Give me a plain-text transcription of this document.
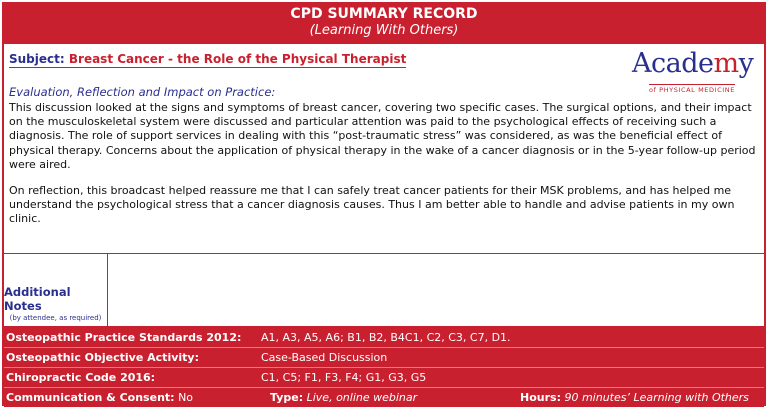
CPD SUMMARY RECORD
(Learning With Others)
Subject: Breast Cancer - the Role of the Physical Therapist	Academy
of PHYSICAL MEDICINE
Evaluation, Reflection and Impact on Practice:

This discussion looked at the signs and symptoms of breast cancer, covering two specific cases. The surgical options, and their impact on the musculoskeletal system were discussed and particular attention was paid to the psychological effects of receiving such a diagnosis. The role of support services in dealing with this “post-traumatic stress” was considered, as was the beneficial effect of physical therapy. Concerns about the application of physical therapy in the wake of a cancer diagnosis or in the 5-year follow-up period were aired.

On reflection, this broadcast helped reassure me that I can safely treat cancer patients for their MSK problems, and has helped me understand the psychological stress that a cancer diagnosis causes. Thus I am better able to handle and advise patients in my own clinic.

Additional Notes
(by attendee, as required)
Osteopathic Practice Standards 2012:	A1, A3, A5, A6; B1, B2, B4C1, C2, C3, C7, D1.
Osteopathic Objective Activity:	Case-Based Discussion
Chiropractic Code 2016:	C1, C5; F1, F3, F4; G1, G3, G5
Communication & Consent: No	Type: Live, online webinar	Hours: 90 minutes’ Learning with Others
